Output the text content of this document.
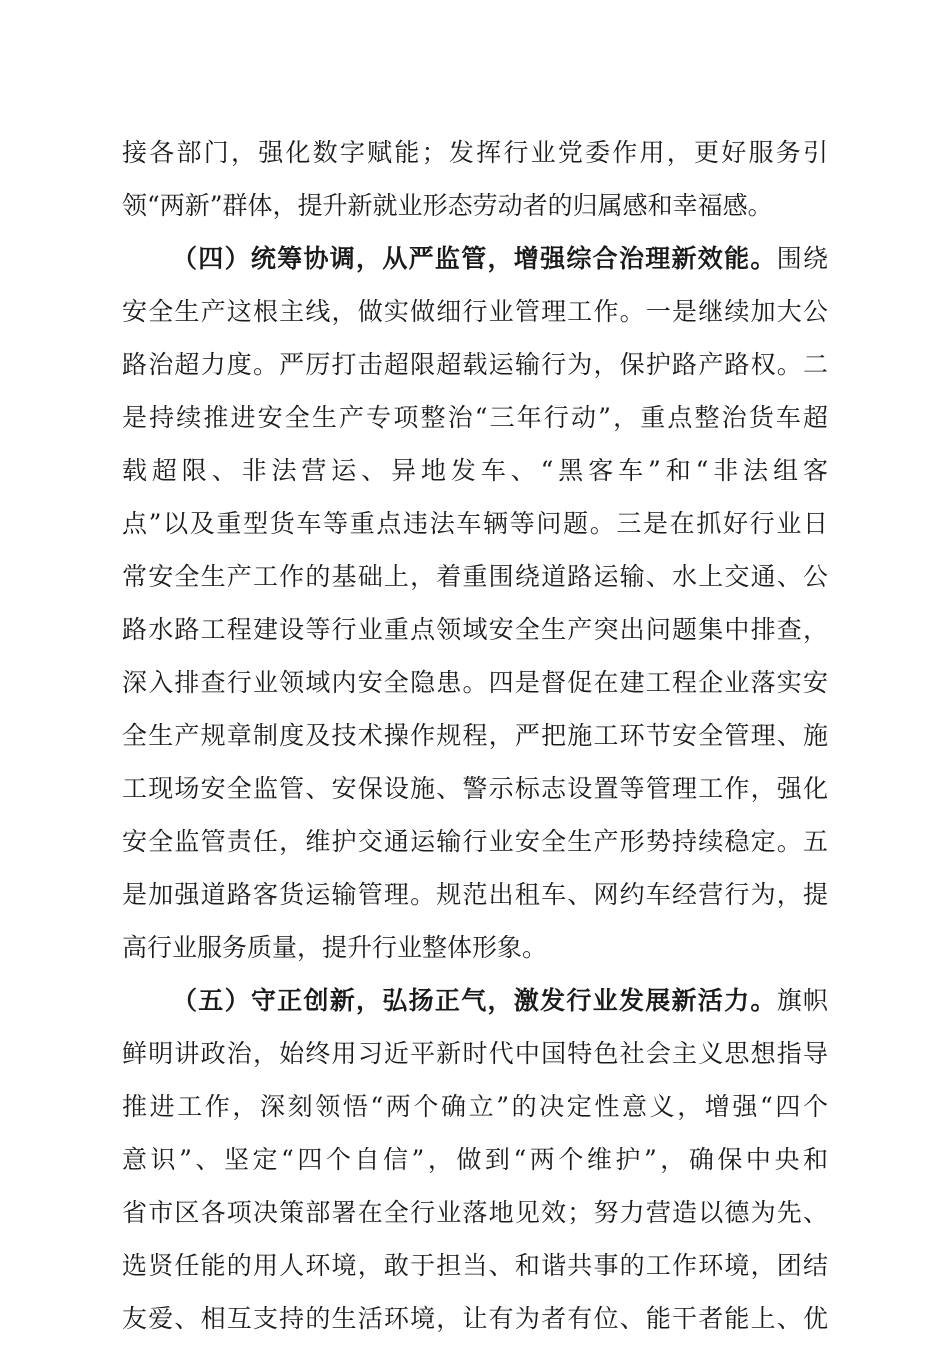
接各部门，强化数字赋能；发挥行业党委作用，更好服务引
领“两新”群体，提升新就业形态劳动者的归属感和幸福感。
（四）统筹协调，从严监管，增强综合治理新效能。围绕
安全生产这根主线，做实做细行业管理工作。一是继续加大公
路治超力度。严厉打击超限超载运输行为，保护路产路权。二
是持续推进安全生产专项整治“三年行动”，重点整治货车超
载超限、非法营运、异地发车、“黑客车”和“非法组客
点”以及重型货车等重点违法车辆等问题。三是在抓好行业日
常安全生产工作的基础上，着重围绕道路运输、水上交通、公
路水路工程建设等行业重点领域安全生产突出问题集中排查，
深入排查行业领域内安全隐患。四是督促在建工程企业落实安
全生产规章制度及技术操作规程，严把施工环节安全管理、施
工现场安全监管、安保设施、警示标志设置等管理工作，强化
安全监管责任，维护交通运输行业安全生产形势持续稳定。五
是加强道路客货运输管理。规范出租车、网约车经营行为，提
高行业服务质量，提升行业整体形象。
（五）守正创新，弘扬正气，激发行业发展新活力。旗帜
鲜明讲政治，始终用习近平新时代中国特色社会主义思想指导
推进工作，深刻领悟“两个确立”的决定性意义，增强“四个
意识”、坚定“四个自信”，做到“两个维护”，确保中央和
省市区各项决策部署在全行业落地见效；努力营造以德为先、
选贤任能的用人环境，敢于担当、和谐共事的工作环境，团结
友爱、相互支持的生活环境，让有为者有位、能干者能上、优
